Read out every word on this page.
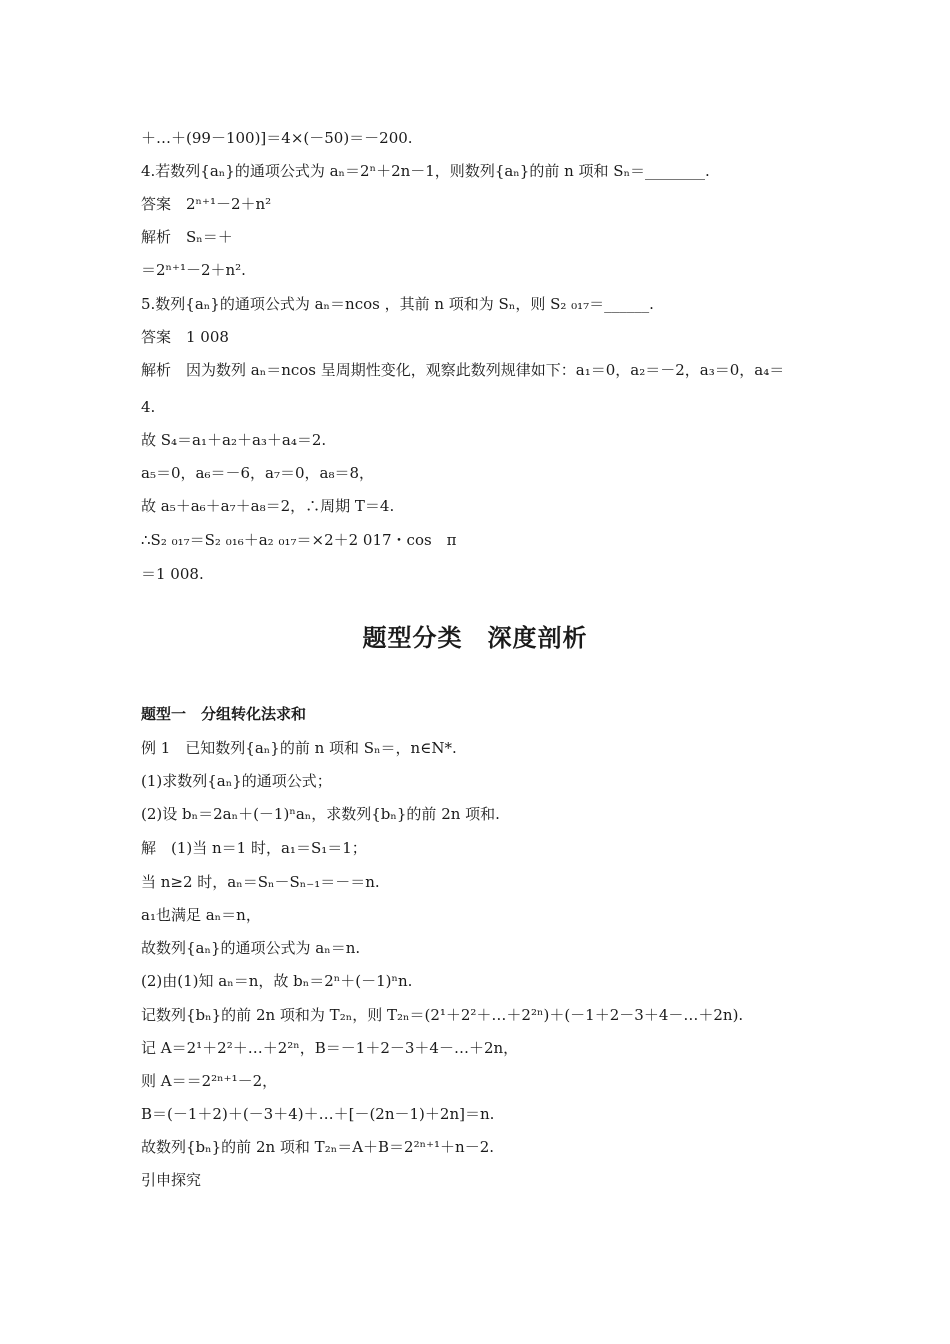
＋…＋(99－100)]＝4×(－50)＝－200.
4.若数列{aₙ}的通项公式为 aₙ＝2ⁿ＋2n－1，则数列{aₙ}的前 n 项和 Sₙ＝________.
答案　2ⁿ⁺¹－2＋n²
解析　Sₙ＝＋
＝2ⁿ⁺¹－2＋n².
5.数列{aₙ}的通项公式为 aₙ＝ncos ，其前 n 项和为 Sₙ，则 S₂ ₀₁₇＝______.
答案　1 008
解析　因为数列 aₙ＝ncos 呈周期性变化，观察此数列规律如下：a₁＝0，a₂＝－2，a₃＝0，a₄＝
4.
故 S₄＝a₁＋a₂＋a₃＋a₄＝2.
a₅＝0，a₆＝－6，a₇＝0，a₈＝8，
故 a₅＋a₆＋a₇＋a₈＝2，∴周期 T＝4.
∴S₂ ₀₁₇＝S₂ ₀₁₆＋a₂ ₀₁₇＝×2＋2 017・cos　π
＝1 008.
题型分类　深度剖析
题型一　分组转化法求和
例 1　已知数列{aₙ}的前 n 项和 Sₙ＝，n∈N*.
(1)求数列{aₙ}的通项公式；
(2)设 bₙ＝2aₙ＋(－1)ⁿaₙ，求数列{bₙ}的前 2n 项和.
解　(1)当 n＝1 时，a₁＝S₁＝1；
当 n≥2 时，aₙ＝Sₙ－Sₙ₋₁＝－＝n.
a₁也满足 aₙ＝n，
故数列{aₙ}的通项公式为 aₙ＝n.
(2)由(1)知 aₙ＝n，故 bₙ＝2ⁿ＋(－1)ⁿn.
记数列{bₙ}的前 2n 项和为 T₂ₙ，则 T₂ₙ＝(2¹＋2²＋…＋2²ⁿ)＋(－1＋2－3＋4－…＋2n).
记 A＝2¹＋2²＋…＋2²ⁿ，B＝－1＋2－3＋4－…＋2n，
则 A＝＝2²ⁿ⁺¹－2，
B＝(－1＋2)＋(－3＋4)＋…＋[－(2n－1)＋2n]＝n.
故数列{bₙ}的前 2n 项和 T₂ₙ＝A＋B＝2²ⁿ⁺¹＋n－2.
引申探究
